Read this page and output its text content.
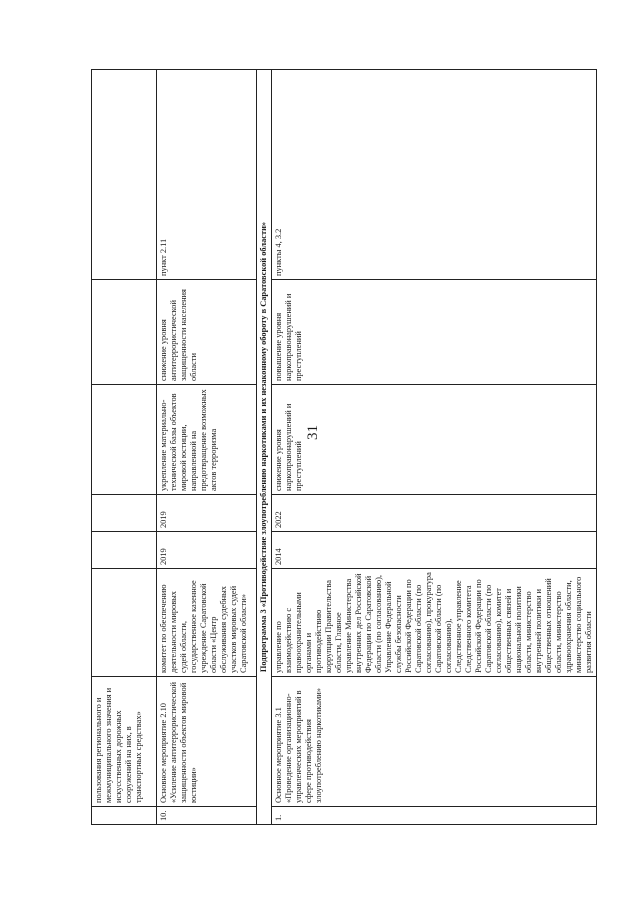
31
	пользования регионального и межмуниципального значения и искусственных дорожных сооружений на них, в транспортных средствах»						
10.	Основное мероприятие 2.10 «Усиление антитеррористической защищенности объектов мировой юстиции»	комитет по обеспечению деятельности мировых судей области, государственное казенное учреждение Саратовской области «Центр обслуживания судебных участков мировых судей Саратовской области»	2019	2019	укрепление материально-технической базы объектов мировой юстиции, направленной на предотвращение возможных актов терроризма	снижение уровня антитеррористической защищенности населения области	пункт 2.11
Подпрограмма 3 «Противодействие злоупотреблению наркотиками и их незаконному обороту в Саратовской области»							
1.	Основное мероприятие 3.1 «Проведение организационно-управленческих мероприятий в сфере противодействия злоупотреблению наркотиками»	управление по взаимодействию с правоохранительными органами и противодействию коррупции Правительства области, Главное управление Министерства внутренних дел Российской Федерации по Саратовской области (по согласованию), Управление Федеральной службы безопасности Российской Федерации по Саратовской области (по согласованию), прокуратура Саратовской области (по согласованию), Следственное управление Следственного комитета Российской Федерации по Саратовской области (по согласованию), комитет общественных связей и национальной политики области, министерство внутренней политики и общественных отношений области, министерство здравоохранения области, министерство социального развития области	2014	2022	снижение уровня наркоправонарушений и преступлений	повышение уровня наркоправонарушений и преступлений	пункты 4, 3.2
